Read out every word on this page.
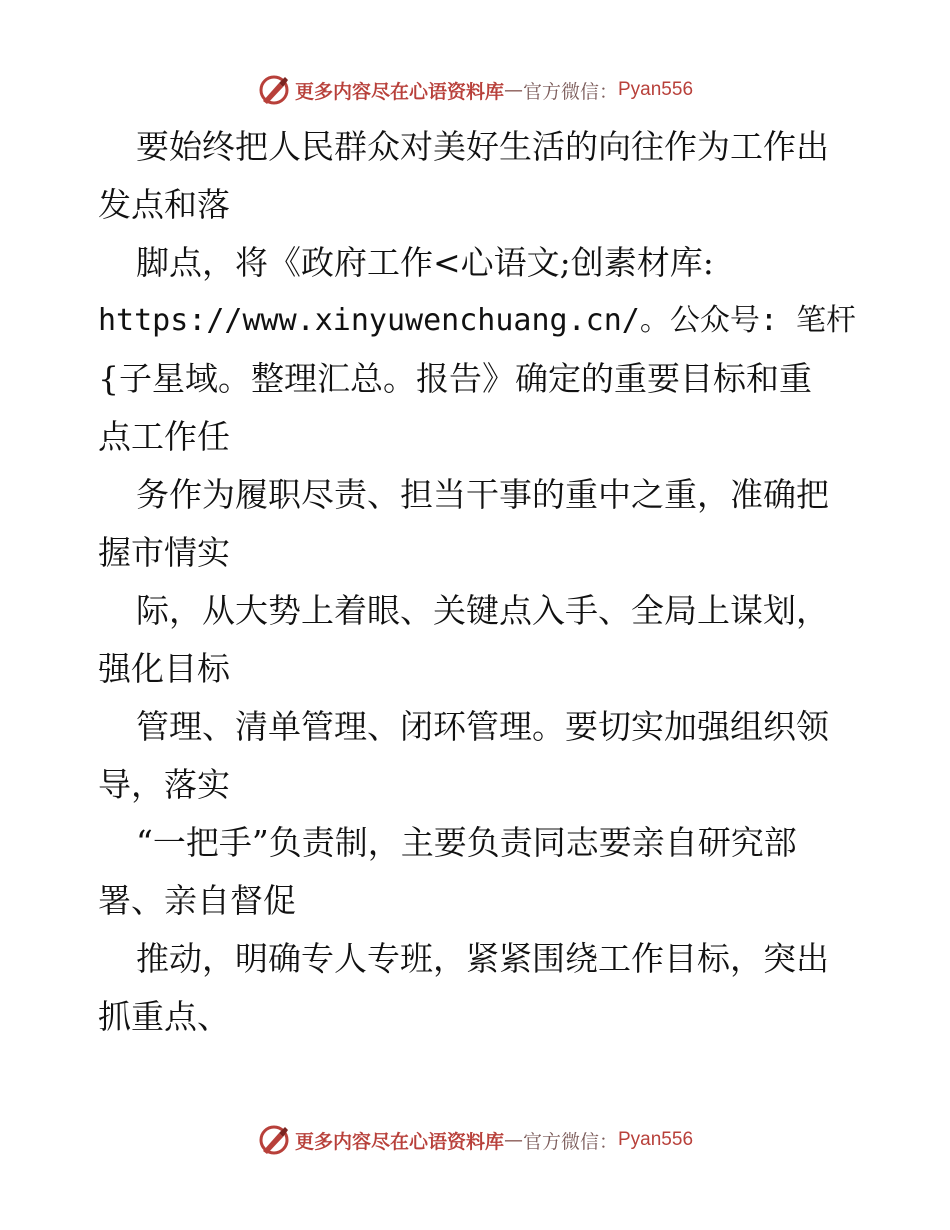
更多内容尽在心语资料库 — 官方微信： Pyan556
要始终把人民群众对美好生活的向往作为工作出
发点和落
脚点，将《政府工作<心语文;创素材库:
https://www.xinyuwenchuang.cn/。公众号: 笔杆
{子星域。整理汇总。报告》确定的重要目标和重
点工作任
务作为履职尽责、担当干事的重中之重，准确把
握市情实
际，从大势上着眼、关键点入手、全局上谋划，
强化目标
管理、清单管理、闭环管理。要切实加强组织领
导，落实
“一把手”负责制，主要负责同志要亲自研究部
署、亲自督促
推动，明确专人专班，紧紧围绕工作目标，突出
抓重点、
更多内容尽在心语资料库 — 官方微信： Pyan556
